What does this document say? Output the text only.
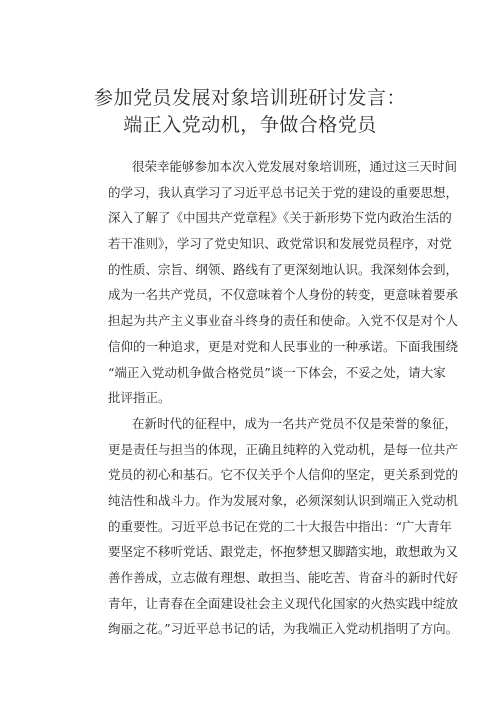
参加党员发展对象培训班研讨发言：
端正入党动机，争做合格党员
很荣幸能够参加本次入党发展对象培训班，通过这三天时间
的学习，我认真学习了习近平总书记关于党的建设的重要思想，
深入了解了《中国共产党章程》《关于新形势下党内政治生活的
若干准则》，学习了党史知识、政党常识和发展党员程序，对党
的性质、宗旨、纲领、路线有了更深刻地认识。我深刻体会到，
成为一名共产党员，不仅意味着个人身份的转变，更意味着要承
担起为共产主义事业奋斗终身的责任和使命。入党不仅是对个人
信仰的一种追求，更是对党和人民事业的一种承诺。下面我围绕
“端正入党动机争做合格党员”谈一下体会，不妥之处，请大家
批评指正。
在新时代的征程中，成为一名共产党员不仅是荣誉的象征，
更是责任与担当的体现，正确且纯粹的入党动机，是每一位共产
党员的初心和基石。它不仅关乎个人信仰的坚定，更关系到党的
纯洁性和战斗力。作为发展对象，必须深刻认识到端正入党动机
的重要性。习近平总书记在党的二十大报告中指出：“广大青年
要坚定不移听党话、跟党走，怀抱梦想又脚踏实地，敢想敢为又
善作善成，立志做有理想、敢担当、能吃苦、肯奋斗的新时代好
青年，让青春在全面建设社会主义现代化国家的火热实践中绽放
绚丽之花。”习近平总书记的话，为我端正入党动机指明了方向。
